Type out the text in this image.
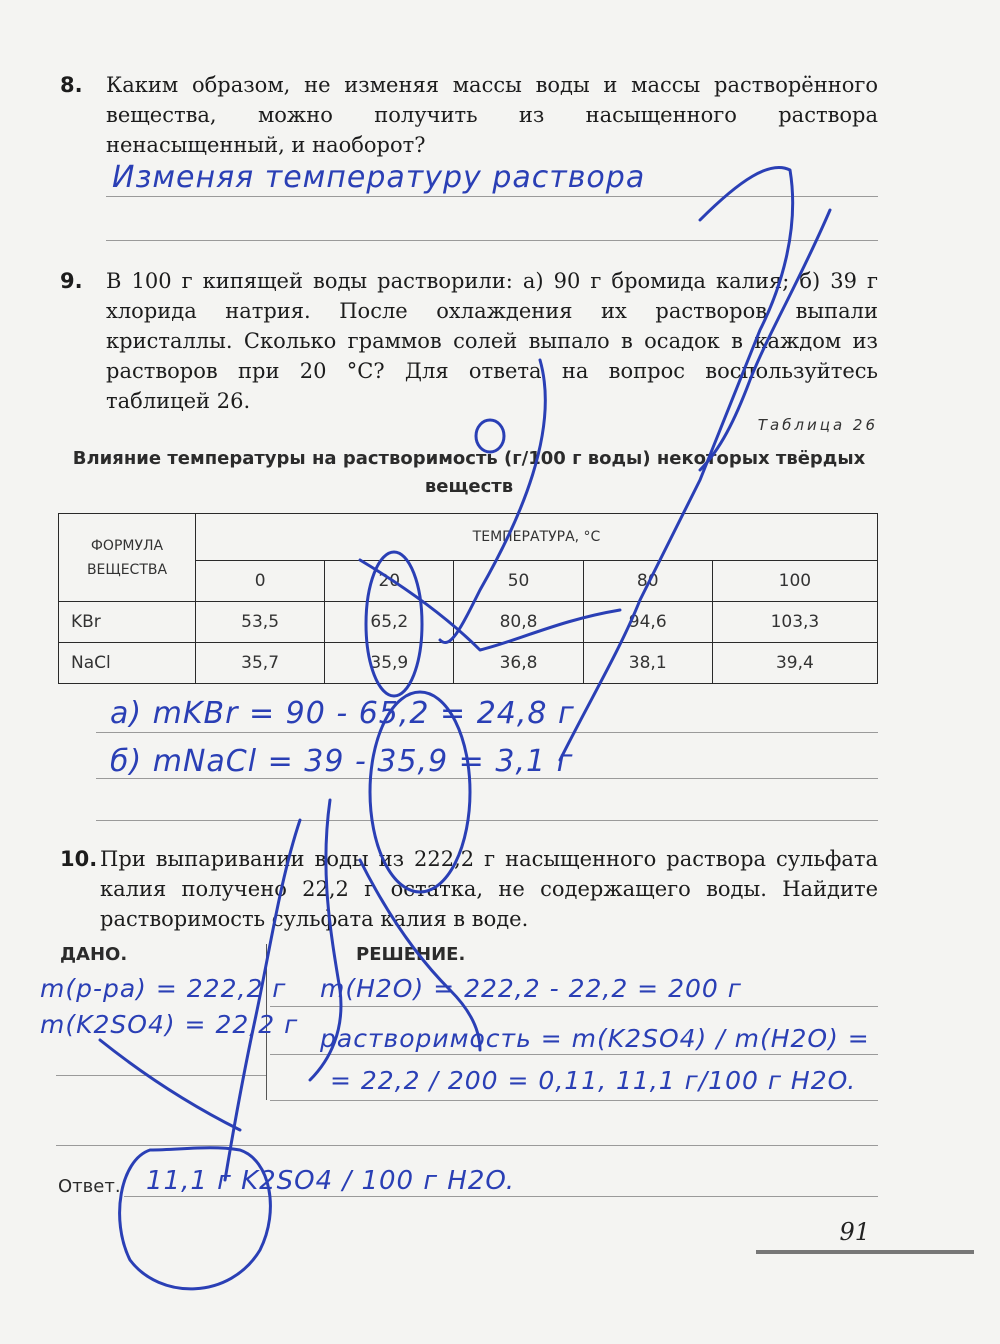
8. Каким образом, не изменяя массы воды и массы растворённого вещества, можно получить из насыщенного раствора ненасыщенный, и наоборот?
Изменяя температуру раствора
9. В 100 г кипящей воды растворили: а) 90 г бромида калия; б) 39 г хлорида натрия. После охлаждения их растворов выпали кристаллы. Сколько граммов солей выпало в осадок в каждом из растворов при 20 °С? Для ответа на вопрос воспользуйтесь таблицей 26.
Таблица 26
Влияние температуры на растворимость (г/100 г воды) некоторых твёрдых веществ
ФОРМУЛА ВЕЩЕСТВА	ТЕМПЕРАТУРА, °С				
	0	20	50	80	100
KBr	53,5	65,2	80,8	94,6	103,3
NaCl	35,7	35,9	36,8	38,1	39,4
а) mKBr = 90 - 65,2 = 24,8 г
б) mNaCl = 39 - 35,9 = 3,1 г
10. При выпаривании воды из 222,2 г насыщенного раствора сульфата калия получено 22,2 г остатка, не содержащего воды. Найдите растворимость сульфата калия в воде.
ДАНО.	РЕШЕНИЕ.
m(р-ра) = 222,2 г
m(K2SO4) = 22,2 г
m(H2O) = 222,2 - 22,2 = 200 г
растворимость = m(K2SO4) / m(H2O) =
= 22,2 / 200 = 0,11, 11,1 г/100 г H2O.
Ответ. 11,1 г K2SO4 / 100 г H2O.
91
